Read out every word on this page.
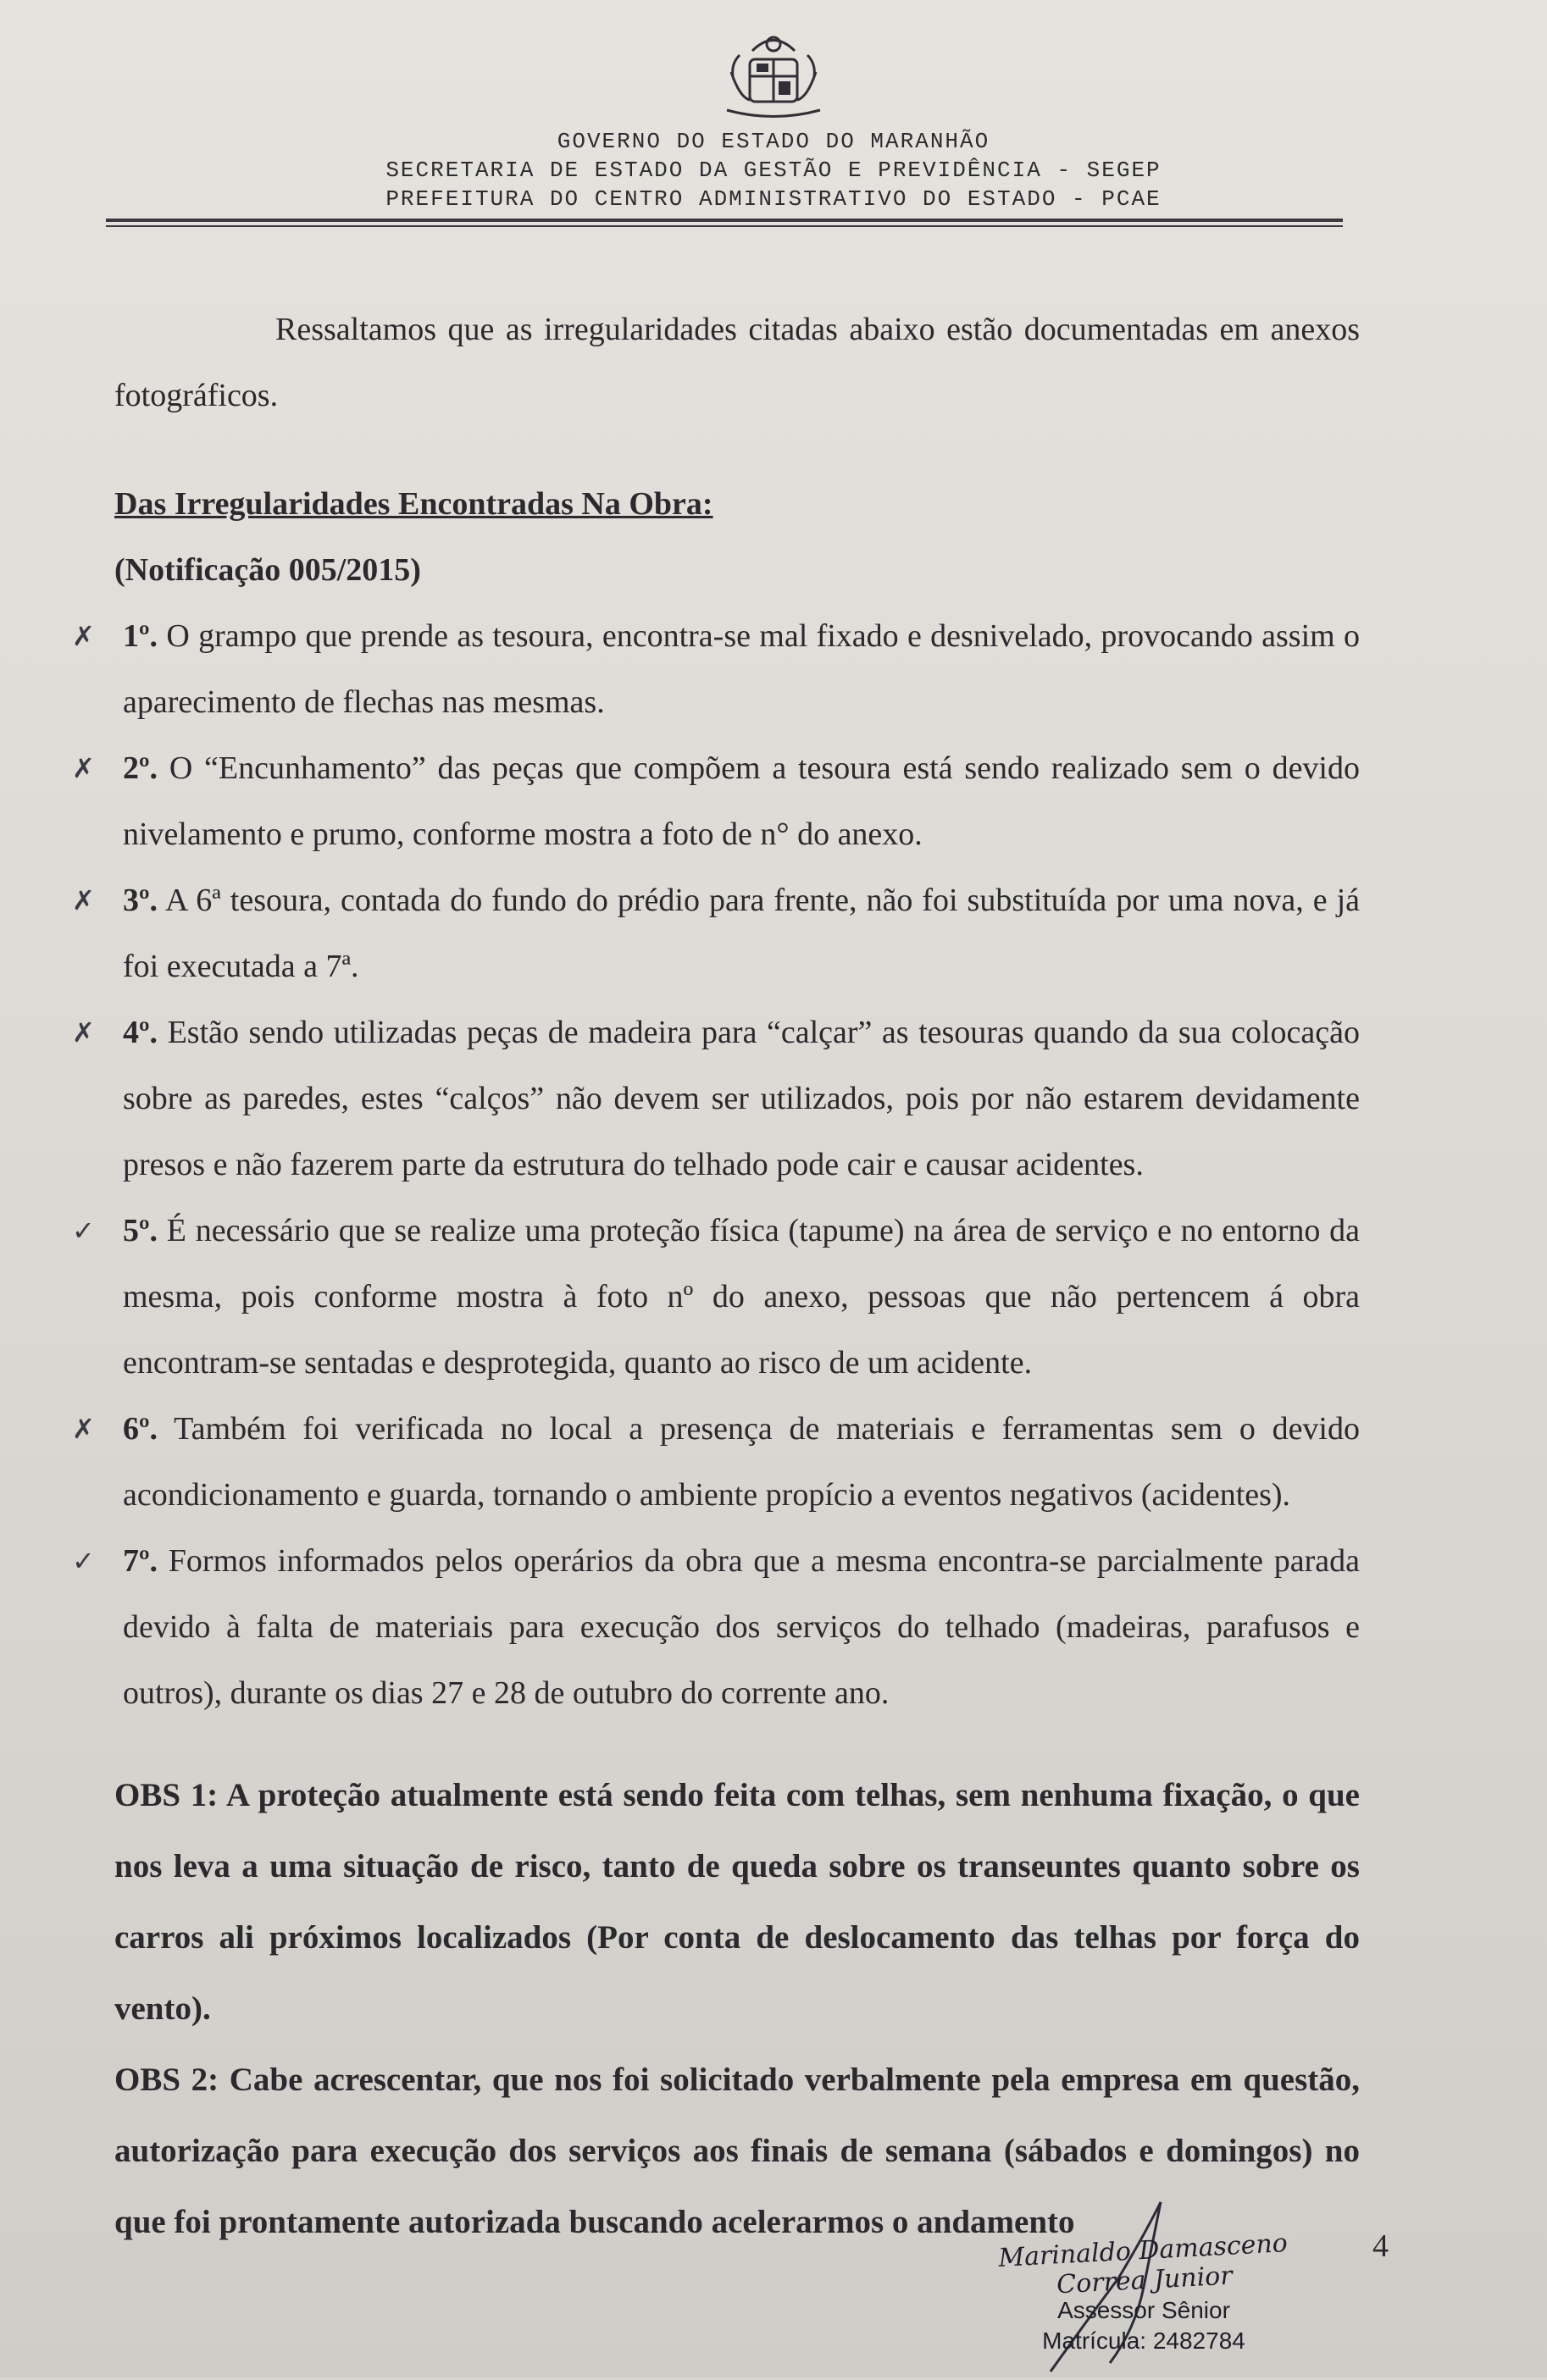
GOVERNO DO ESTADO DO MARANHÃO
SECRETARIA DE ESTADO DA GESTÃO E PREVIDÊNCIA - SEGEP
PREFEITURA DO CENTRO ADMINISTRATIVO DO ESTADO - PCAE

Ressaltamos que as irregularidades citadas abaixo estão documentadas em anexos fotográficos.

Das Irregularidades Encontradas Na Obra:

(Notificação 005/2015)

✗ 1º. O grampo que prende as tesoura, encontra-se mal fixado e desnivelado, provocando assim o aparecimento de flechas nas mesmas.

✗ 2º. O “Encunhamento” das peças que compõem a tesoura está sendo realizado sem o devido nivelamento e prumo, conforme mostra a foto de n° do anexo.

✗ 3º. A 6ª tesoura, contada do fundo do prédio para frente, não foi substituída por uma nova, e já foi executada a 7ª.

✗ 4º. Estão sendo utilizadas peças de madeira para “calçar” as tesouras quando da sua colocação sobre as paredes, estes “calços” não devem ser utilizados, pois por não estarem devidamente presos e não fazerem parte da estrutura do telhado pode cair e causar acidentes.

✓ 5º. É necessário que se realize uma proteção física (tapume) na área de serviço e no entorno da mesma, pois conforme mostra à foto nº do anexo, pessoas que não pertencem á obra encontram-se sentadas e desprotegida, quanto ao risco de um acidente.

✗ 6º. Também foi verificada no local a presença de materiais e ferramentas sem o devido acondicionamento e guarda, tornando o ambiente propício a eventos negativos (acidentes).

✓ 7º. Formos informados pelos operários da obra que a mesma encontra-se parcialmente parada devido à falta de materiais para execução dos serviços do telhado (madeiras, parafusos e outros), durante os dias 27 e 28 de outubro do corrente ano.

OBS 1: A proteção atualmente está sendo feita com telhas, sem nenhuma fixação, o que nos leva a uma situação de risco, tanto de queda sobre os transeuntes quanto sobre os carros ali próximos localizados (Por conta de deslocamento das telhas por força do vento).

OBS 2: Cabe acrescentar, que nos foi solicitado verbalmente pela empresa em questão, autorização para execução dos serviços aos finais de semana (sábados e domingos) no que foi prontamente autorizada buscando acelerarmos o andamento

4
Marinaldo Damasceno Correa Junior
Assessor Sênior
Matrícula: 2482784
